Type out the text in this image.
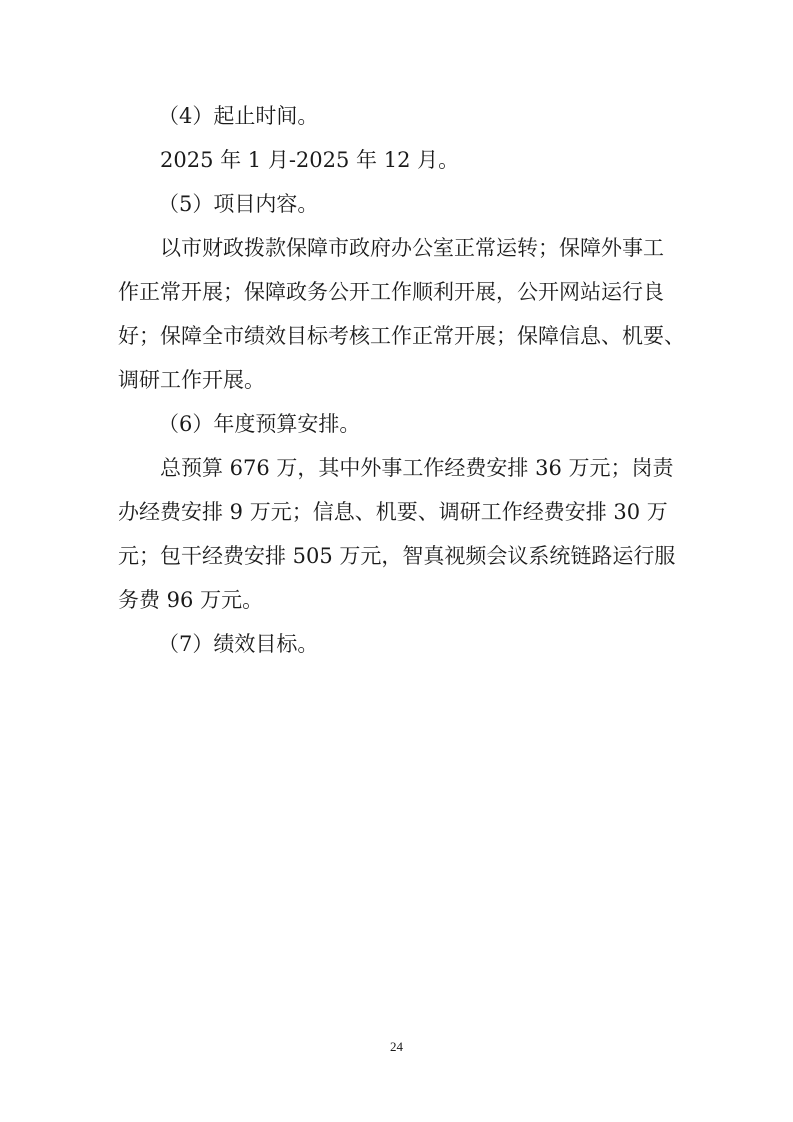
（4）起止时间。
2025 年 1 月-2025 年 12 月。
（5）项目内容。
以市财政拨款保障市政府办公室正常运转；保障外事工
作正常开展；保障政务公开工作顺利开展，公开网站运行良
好；保障全市绩效目标考核工作正常开展；保障信息、机要、
调研工作开展。
（6）年度预算安排。
总预算 676 万，其中外事工作经费安排 36 万元；岗责
办经费安排 9 万元；信息、机要、调研工作经费安排 30 万
元；包干经费安排 505 万元，智真视频会议系统链路运行服
务费 96 万元。
（7）绩效目标。
24
